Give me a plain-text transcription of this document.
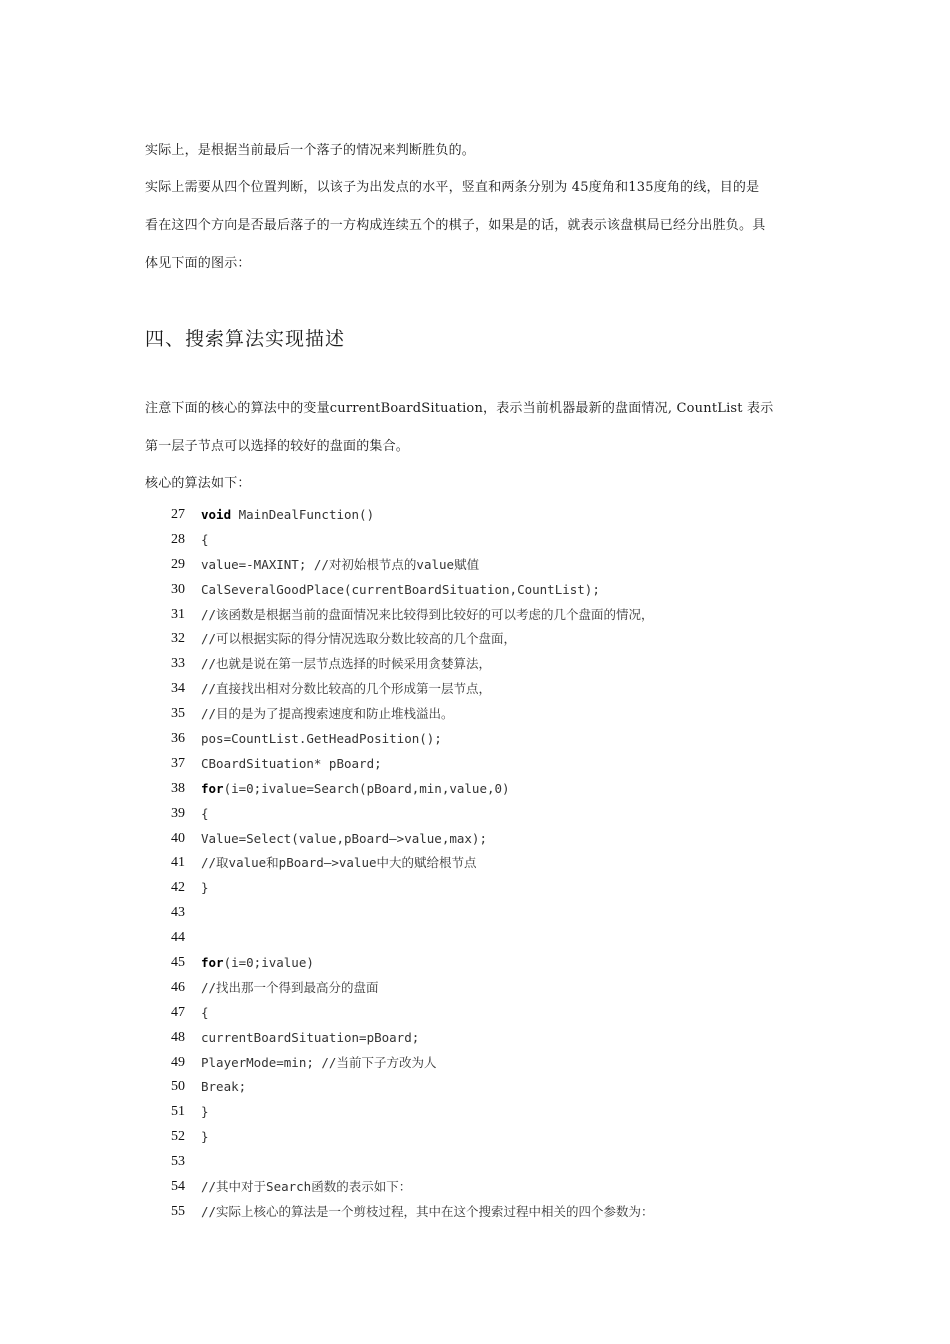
实际上，是根据当前最后一个落子的情况来判断胜负的。
实际上需要从四个位置判断，以该子为出发点的水平，竖直和两条分别为 45度角和135度角的线，目的是
看在这四个方向是否最后落子的一方构成连续五个的棋子，如果是的话，就表示该盘棋局已经分出胜负。具
体见下面的图示：
四、搜索算法实现描述
注意下面的核心的算法中的变量currentBoardSituation，表示当前机器最新的盘面情况, CountList 表示
第一层子节点可以选择的较好的盘面的集合。
核心的算法如下：
27	void MainDealFunction()
28	{
29	value=-MAXINT; //对初始根节点的value赋值
30	CalSeveralGoodPlace(currentBoardSituation,CountList);
31	//该函数是根据当前的盘面情况来比较得到比较好的可以考虑的几个盘面的情况，
32	//可以根据实际的得分情况选取分数比较高的几个盘面，
33	//也就是说在第一层节点选择的时候采用贪婪算法，
34	//直接找出相对分数比较高的几个形成第一层节点，
35	//目的是为了提高搜索速度和防止堆栈溢出。
36	pos=CountList.GetHeadPosition();
37	CBoardSituation* pBoard;
38	for(i=0;ivalue=Search(pBoard,min,value,0)
39	{
40	Value=Select(value,pBoard—>value,max);
41	//取value和pBoard—>value中大的赋给根节点
42	}
43
44
45	for(i=0;ivalue)
46	//找出那一个得到最高分的盘面
47	{
48	currentBoardSituation=pBoard;
49	PlayerMode=min; //当前下子方改为人
50	Break;
51	}
52	}
53
54	//其中对于Search函数的表示如下：
55	//实际上核心的算法是一个剪枝过程，其中在这个搜索过程中相关的四个参数为：
